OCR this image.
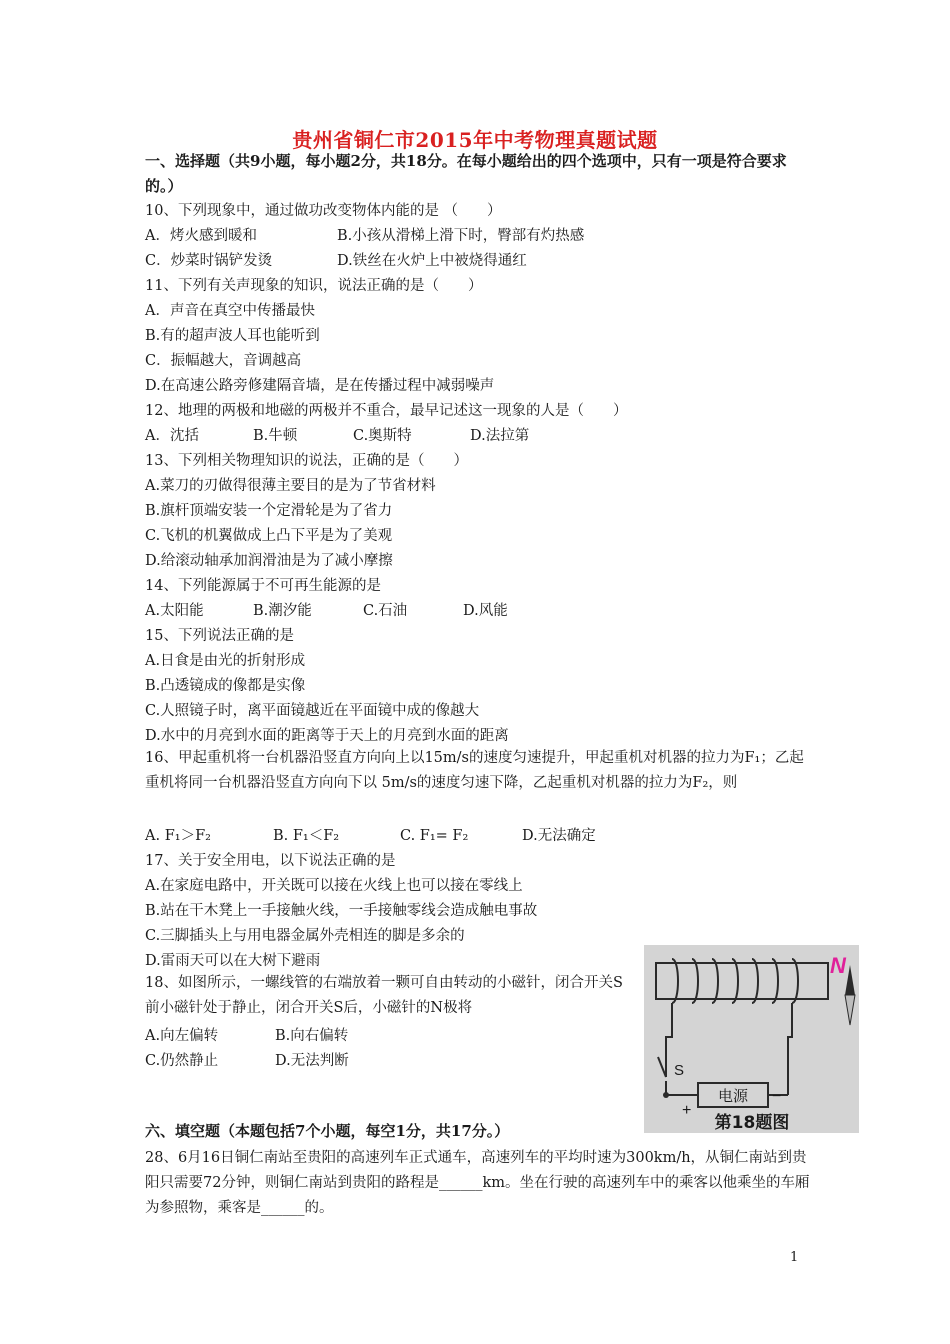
贵州省铜仁市2015年中考物理真题试题
一、选择题（共9小题，每小题2分，共18分。在每小题给出的四个选项中，只有一项是符合要求的。）
10、下列现象中，通过做功改变物体内能的是 （　　）
A．烤火感到暖和	B.小孩从滑梯上滑下时，臀部有灼热感
C．炒菜时锅铲发烫	D.铁丝在火炉上中被烧得通红
11、下列有关声现象的知识，说法正确的是（　　）
A．声音在真空中传播最快
B.有的超声波人耳也能听到
C．振幅越大，音调越高
D.在高速公路旁修建隔音墙，是在传播过程中减弱噪声
12、地理的两极和地磁的两极并不重合，最早记述这一现象的人是（　　）
A．沈括	B.牛顿	C.奥斯特	D.法拉第
13、下列相关物理知识的说法，正确的是（　　）
A.菜刀的刃做得很薄主要目的是为了节省材料
B.旗杆顶端安装一个定滑轮是为了省力
C.飞机的机翼做成上凸下平是为了美观
D.给滚动轴承加润滑油是为了减小摩擦
14、下列能源属于不可再生能源的是
A.太阳能	B.潮汐能	C.石油	D.风能
15、下列说法正确的是
A.日食是由光的折射形成
B.凸透镜成的像都是实像
C.人照镜子时，离平面镜越近在平面镜中成的像越大
D.水中的月亮到水面的距离等于天上的月亮到水面的距离
16、甲起重机将一台机器沿竖直方向向上以15m/s的速度匀速提升，甲起重机对机器的拉力为F₁；乙起重机将同一台机器沿竖直方向向下以 5m/s的速度匀速下降，乙起重机对机器的拉力为F₂，则
A. F₁＞F₂	B. F₁＜F₂	C. F₁= F₂	D.无法确定
17、关于安全用电，以下说法正确的是
A.在家庭电路中，开关既可以接在火线上也可以接在零线上
B.站在干木凳上一手接触火线，一手接触零线会造成触电事故
C.三脚插头上与用电器金属外壳相连的脚是多余的
D.雷雨天可以在大树下避雨
18、如图所示，一螺线管的右端放着一颗可自由转动的小磁针，闭合开关S前小磁针处于静止，闭合开关S后，小磁针的N极将
A.向左偏转	B.向右偏转
C.仍然静止	D.无法判断
S
电源
+
−
N
第18题图
六、填空题（本题包括7个小题，每空1分，共17分。）
28、6月16日铜仁南站至贵阳的高速列车正式通车，高速列车的平均时速为300km/h，从铜仁南站到贵阳只需要72分钟，则铜仁南站到贵阳的路程是______km。坐在行驶的高速列车中的乘客以他乘坐的车厢为参照物，乘客是______的。
1
